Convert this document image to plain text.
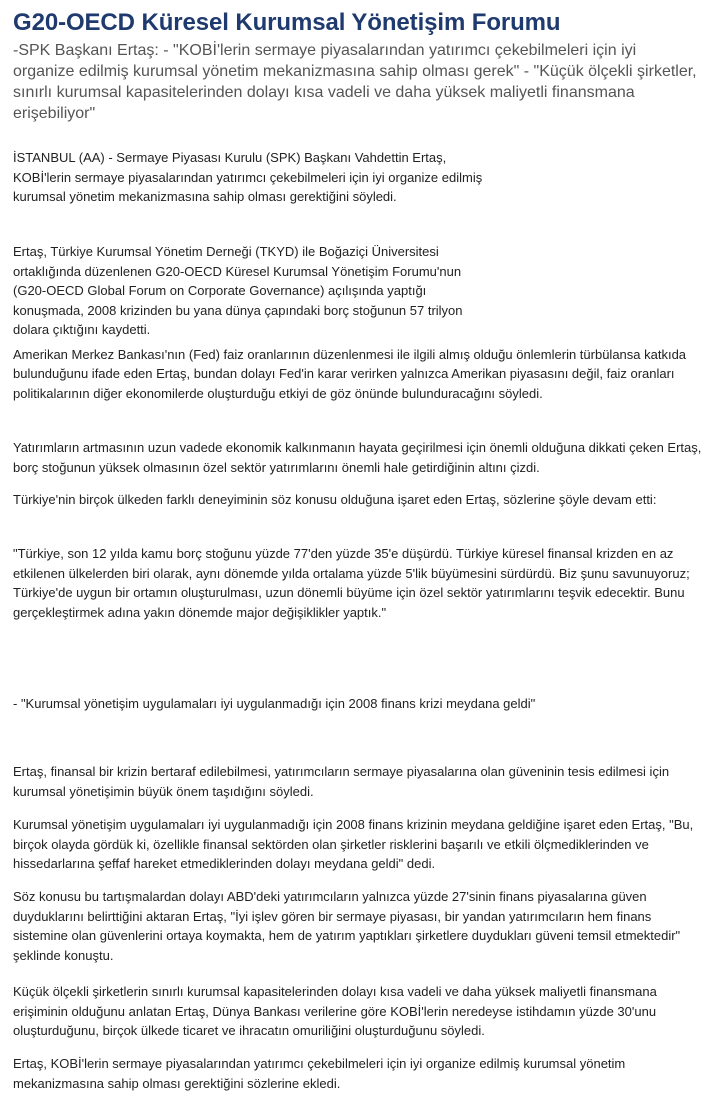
G20-OECD Küresel Kurumsal Yönetişim Forumu

-SPK Başkanı Ertaş: - "KOBİ'lerin sermaye piyasalarından yatırımcı çekebilmeleri için iyi organize edilmiş kurumsal yönetim mekanizmasına sahip olması gerek" - "Küçük ölçekli şirketler, sınırlı kurumsal kapasitelerinden dolayı kısa vadeli ve daha yüksek maliyetli finansmana erişebiliyor"

İSTANBUL (AA) - Sermaye Piyasası Kurulu (SPK) Başkanı Vahdettin Ertaş, KOBİ'lerin sermaye piyasalarından yatırımcı çekebilmeleri için iyi organize edilmiş kurumsal yönetim mekanizmasına sahip olması gerektiğini söyledi.

Ertaş, Türkiye Kurumsal Yönetim Derneği (TKYD) ile Boğaziçi Üniversitesi ortaklığında düzenlenen G20-OECD Küresel Kurumsal Yönetişim Forumu'nun (G20-OECD Global Forum on Corporate Governance) açılışında yaptığı konuşmada, 2008 krizinden bu yana dünya çapındaki borç stoğunun 57 trilyon dolara çıktığını kaydetti.

Amerikan Merkez Bankası'nın (Fed) faiz oranlarının düzenlenmesi ile ilgili almış olduğu önlemlerin türbülansa katkıda bulunduğunu ifade eden Ertaş, bundan dolayı Fed'in karar verirken yalnızca Amerikan piyasasını değil, faiz oranları politikalarının diğer ekonomilerde oluşturduğu etkiyi de göz önünde bulunduracağını söyledi.

Yatırımların artmasının uzun vadede ekonomik kalkınmanın hayata geçirilmesi için önemli olduğuna dikkati çeken Ertaş, borç stoğunun yüksek olmasının özel sektör yatırımlarını önemli hale getirdiğinin altını çizdi.

Türkiye'nin birçok ülkeden farklı deneyiminin söz konusu olduğuna işaret eden Ertaş, sözlerine şöyle devam etti:

"Türkiye, son 12 yılda kamu borç stoğunu yüzde 77'den yüzde 35'e düşürdü. Türkiye küresel finansal krizden en az etkilenen ülkelerden biri olarak, aynı dönemde yılda ortalama yüzde 5'lik büyümesini sürdürdü. Biz şunu savunuyoruz; Türkiye'de uygun bir ortamın oluşturulması, uzun dönemli büyüme için özel sektör yatırımlarını teşvik edecektir. Bunu gerçekleştirmek adına yakın dönemde major değişiklikler yaptık."

- "Kurumsal yönetişim uygulamaları iyi uygulanmadığı için 2008 finans krizi meydana geldi"

Ertaş, finansal bir krizin bertaraf edilebilmesi, yatırımcıların sermaye piyasalarına olan güveninin tesis edilmesi için kurumsal yönetişimin büyük önem taşıdığını söyledi.

Kurumsal yönetişim uygulamaları iyi uygulanmadığı için 2008 finans krizinin meydana geldiğine işaret eden Ertaş, "Bu, birçok olayda gördük ki, özellikle finansal sektörden olan şirketler risklerini başarılı ve etkili ölçmediklerinden ve hissedarlarına şeffaf hareket etmediklerinden dolayı meydana geldi" dedi.

Söz konusu bu tartışmalardan dolayı ABD'deki yatırımcıların yalnızca yüzde 27'sinin finans piyasalarına güven duyduklarını belirttiğini aktaran Ertaş, "İyi işlev gören bir sermaye piyasası, bir yandan yatırımcıların hem finans sistemine olan güvenlerini ortaya koymakta, hem de yatırım yaptıkları şirketlere duydukları güveni temsil etmektedir" şeklinde konuştu.

Küçük ölçekli şirketlerin sınırlı kurumsal kapasitelerinden dolayı kısa vadeli ve daha yüksek maliyetli finansmana erişiminin olduğunu anlatan Ertaş, Dünya Bankası verilerine göre KOBİ'lerin neredeyse istihdamın yüzde 30'unu oluşturduğunu, birçok ülkede ticaret ve ihracatın omuriliğini oluşturduğunu söyledi.

Ertaş, KOBİ'lerin sermaye piyasalarından yatırımcı çekebilmeleri için iyi organize edilmiş kurumsal yönetim mekanizmasına sahip olması gerektiğini sözlerine ekledi.
